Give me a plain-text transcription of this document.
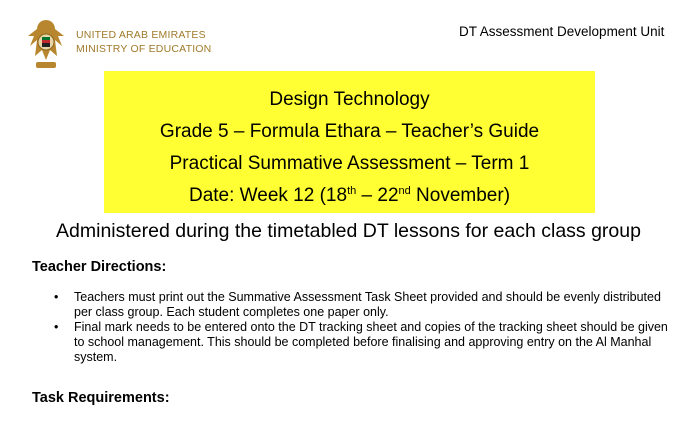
UNITED ARAB EMIRATES
MINISTRY OF EDUCATION
DT Assessment Development Unit
Design Technology
Grade 5 – Formula Ethara – Teacher’s Guide
Practical Summative Assessment – Term 1
Date: Week 12 (18th – 22nd November)
Administered during the timetabled DT lessons for each class group
Teacher Directions:
• Teachers must print out the Summative Assessment Task Sheet provided and should be evenly distributed per class group. Each student completes one paper only.
• Final mark needs to be entered onto the DT tracking sheet and copies of the tracking sheet should be given to school management. This should be completed before finalising and approving entry on the Al Manhal system.
Task Requirements:
